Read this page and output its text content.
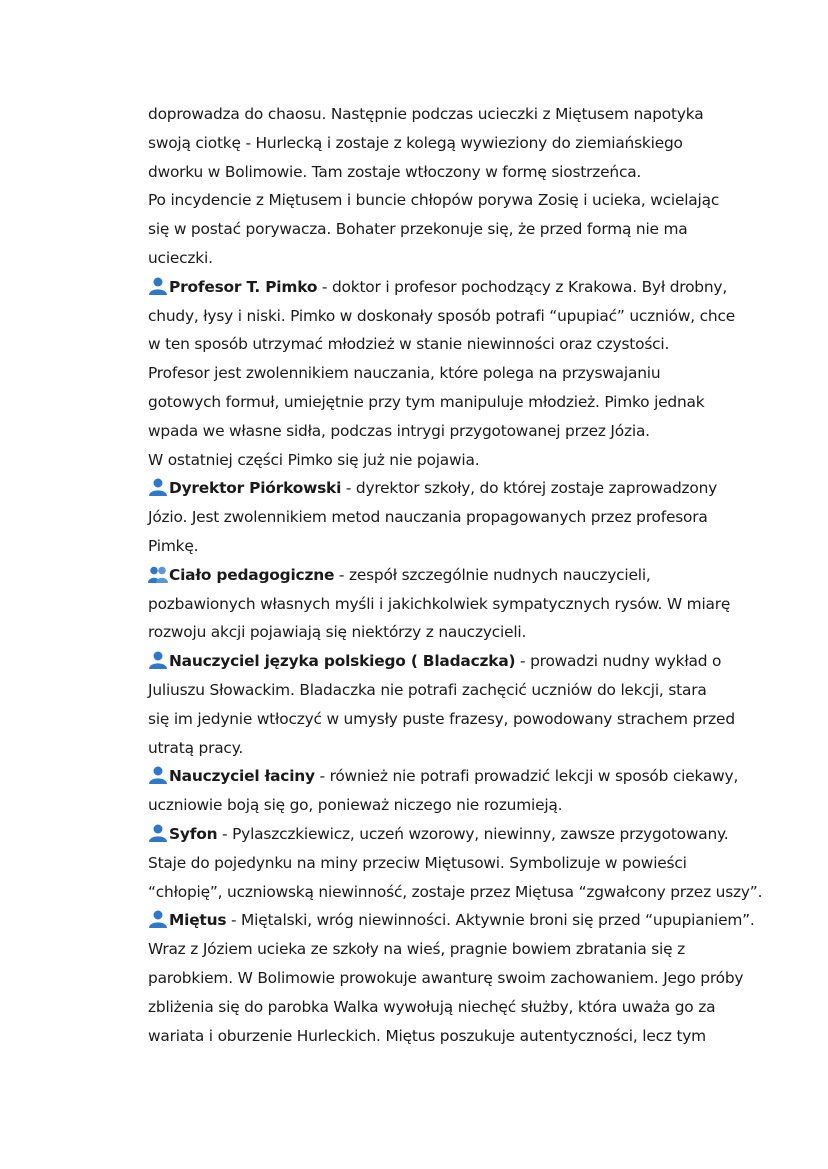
doprowadza do chaosu. Następnie podczas ucieczki z Miętusem napotyka
swoją ciotkę - Hurlecką i zostaje z kolegą wywieziony do ziemiańskiego
dworku w Bolimowie. Tam zostaje wtłoczony w formę siostrzeńca.
Po incydencie z Miętusem i buncie chłopów porywa Zosię i ucieka, wcielając
się w postać porywacza. Bohater przekonuje się, że przed formą nie ma
ucieczki.
Profesor T. Pimko - doktor i profesor pochodzący z Krakowa. Był drobny,
chudy, łysy i niski. Pimko w doskonały sposób potrafi “upupiać” uczniów, chce
w ten sposób utrzymać młodzież w stanie niewinności oraz czystości.
Profesor jest zwolennikiem nauczania, które polega na przyswajaniu
gotowych formuł, umiejętnie przy tym manipuluje młodzież. Pimko jednak
wpada we własne sidła, podczas intrygi przygotowanej przez Józia.
W ostatniej części Pimko się już nie pojawia.
Dyrektor Piórkowski - dyrektor szkoły, do której zostaje zaprowadzony
Józio. Jest zwolennikiem metod nauczania propagowanych przez profesora
Pimkę.
Ciało pedagogiczne - zespół szczególnie nudnych nauczycieli,
pozbawionych własnych myśli i jakichkolwiek sympatycznych rysów. W miarę
rozwoju akcji pojawiają się niektórzy z nauczycieli.
Nauczyciel języka polskiego ( Bladaczka) - prowadzi nudny wykład o
Juliuszu Słowackim. Bladaczka nie potrafi zachęcić uczniów do lekcji, stara
się im jedynie wtłoczyć w umysły puste frazesy, powodowany strachem przed
utratą pracy.
Nauczyciel łaciny - również nie potrafi prowadzić lekcji w sposób ciekawy,
uczniowie boją się go, ponieważ niczego nie rozumieją.
Syfon - Pylaszczkiewicz, uczeń wzorowy, niewinny, zawsze przygotowany.
Staje do pojedynku na miny przeciw Miętusowi. Symbolizuje w powieści
“chłopię”, uczniowską niewinność, zostaje przez Miętusa “zgwałcony przez uszy”.
Miętus - Miętalski, wróg niewinności. Aktywnie broni się przed “upupianiem”.
Wraz z Józiem ucieka ze szkoły na wieś, pragnie bowiem zbratania się z
parobkiem. W Bolimowie prowokuje awanturę swoim zachowaniem. Jego próby
zbliżenia się do parobka Walka wywołują niechęć służby, która uważa go za
wariata i oburzenie Hurleckich. Miętus poszukuje autentyczności, lecz tym
